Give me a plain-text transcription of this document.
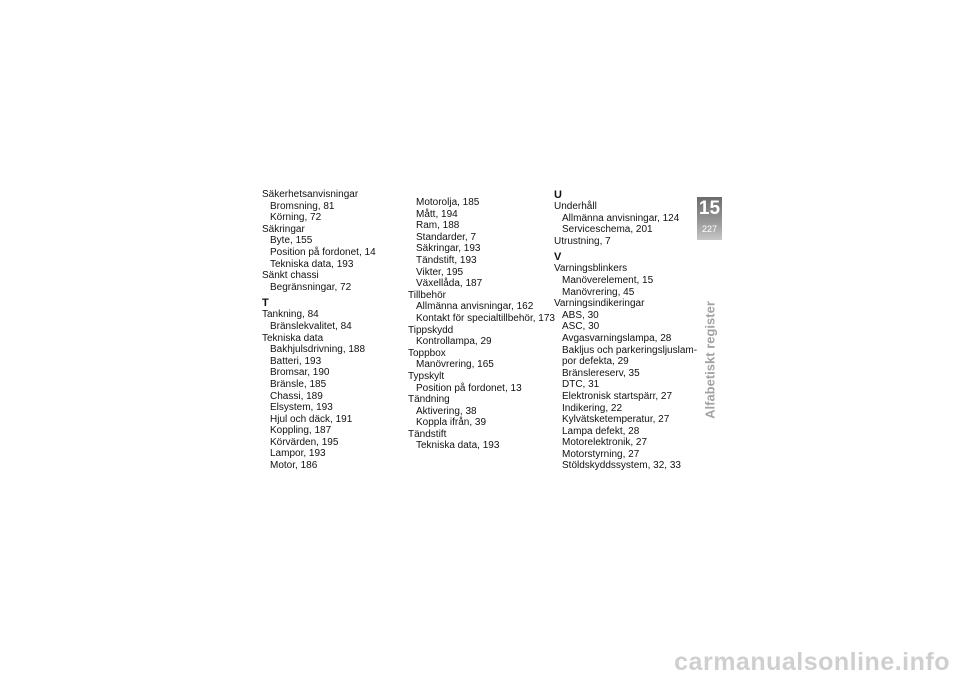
Säkerhetsanvisningar
Bromsning, 81
Körning, 72
Säkringar
Byte, 155
Position på fordonet, 14
Tekniska data, 193
Sänkt chassi
Begränsningar, 72
T
Tankning, 84
Bränslekvalitet, 84
Tekniska data
Bakhjulsdrivning, 188
Batteri, 193
Bromsar, 190
Bränsle, 185
Chassi, 189
Elsystem, 193
Hjul och däck, 191
Koppling, 187
Körvärden, 195
Lampor, 193
Motor, 186
Motorolja, 185
Mått, 194
Ram, 188
Standarder, 7
Säkringar, 193
Tändstift, 193
Vikter, 195
Växellåda, 187
Tillbehör
Allmänna anvisningar, 162
Kontakt för specialtillbehör, 173
Tippskydd
Kontrollampa, 29
Toppbox
Manövrering, 165
Typskylt
Position på fordonet, 13
Tändning
Aktivering, 38
Koppla ifrån, 39
Tändstift
Tekniska data, 193
U
Underhåll
Allmänna anvisningar, 124
Serviceschema, 201
Utrustning, 7
V
Varningsblinkers
Manöverelement, 15
Manövrering, 45
Varningsindikeringar
ABS, 30
ASC, 30
Avgasvarningslampa, 28
Bakljus och parkeringsljuslam-
por defekta, 29
Bränslereserv, 35
DTC, 31
Elektronisk startspärr, 27
Indikering, 22
Kylvätsketemperatur, 27
Lampa defekt, 28
Motorelektronik, 27
Motorstyrning, 27
Stöldskyddssystem, 32, 33
15
227
Alfabetiskt register
carmanualsonline.info
